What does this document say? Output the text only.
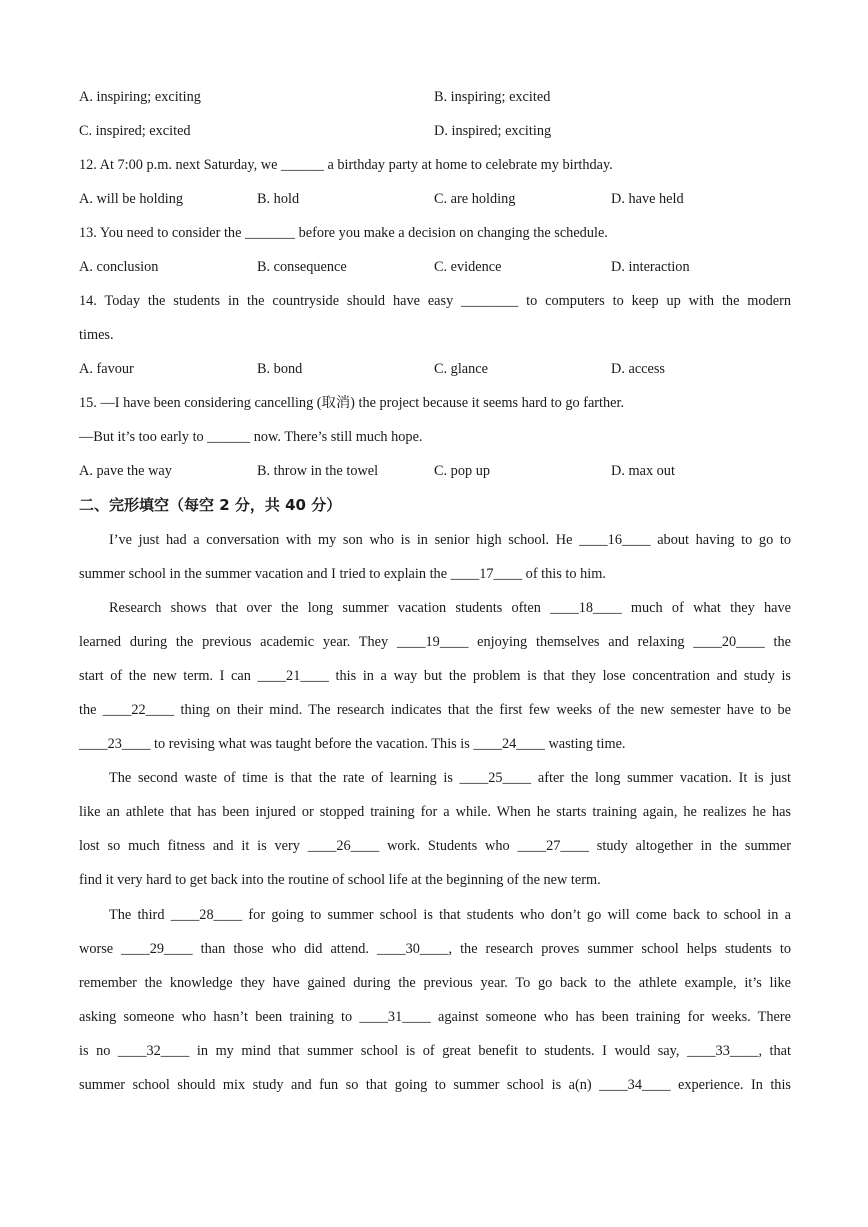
A. inspiring; exciting	B. inspiring; excited
C. inspired; excited	D. inspired; exciting
12. At 7:00 p.m. next Saturday, we ______ a birthday party at home to celebrate my birthday.
A. will be holding	B. hold	C. are holding	D. have held
13. You need to consider the _______ before you make a decision on changing the schedule.
A. conclusion	B. consequence	C. evidence	D. interaction
14. Today the students in the countryside should have easy ________ to computers to keep up with the modern
times.
A. favour	B. bond	C. glance	D. access
15. —I have been considering cancelling (取消) the project because it seems hard to go farther.
—But it’s too early to ______ now. There’s still much hope.
A. pave the way	B. throw in the towel	C. pop up	D. max out
二、完形填空（每空 2 分，共 40 分）
I’ve just had a conversation with my son who is in senior high school. He ____16____ about having to go to
summer school in the summer vacation and I tried to explain the ____17____ of this to him.
Research shows that over the long summer vacation students often ____18____ much of what they have
learned during the previous academic year. They ____19____ enjoying themselves and relaxing ____20____ the
start of the new term. I can ____21____ this in a way but the problem is that they lose concentration and study is
the ____22____ thing on their mind. The research indicates that the first few weeks of the new semester have to be
____23____ to revising what was taught before the vacation. This is ____24____ wasting time.
The second waste of time is that the rate of learning is ____25____ after the long summer vacation. It is just
like an athlete that has been injured or stopped training for a while. When he starts training again, he realizes he has
lost so much fitness and it is very ____26____ work. Students who ____27____ study altogether in the summer
find it very hard to get back into the routine of school life at the beginning of the new term.
The third ____28____ for going to summer school is that students who don’t go will come back to school in a
worse ____29____ than those who did attend. ____30____, the research proves summer school helps students to
remember the knowledge they have gained during the previous year. To go back to the athlete example, it’s like
asking someone who hasn’t been training to ____31____ against someone who has been training for weeks. There
is no ____32____ in my mind that summer school is of great benefit to students. I would say, ____33____, that
summer school should mix study and fun so that going to summer school is a(n) ____34____ experience. In this
